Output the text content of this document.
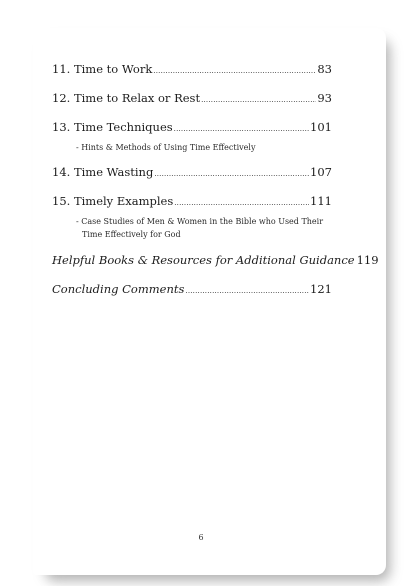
11. Time to Work .....	83
12. Time to Relax or Rest .....	93
13. Time Techniques .....	101
- Hints & Methods of Using Time Effectively
14. Time Wasting .....	107
15. Timely Examples .....	111
- Case Studies of Men & Women in the Bible who Used Their Time Effectively for God
Helpful Books & Resources for Additional Guidance 119
Concluding Comments .....	121
6
